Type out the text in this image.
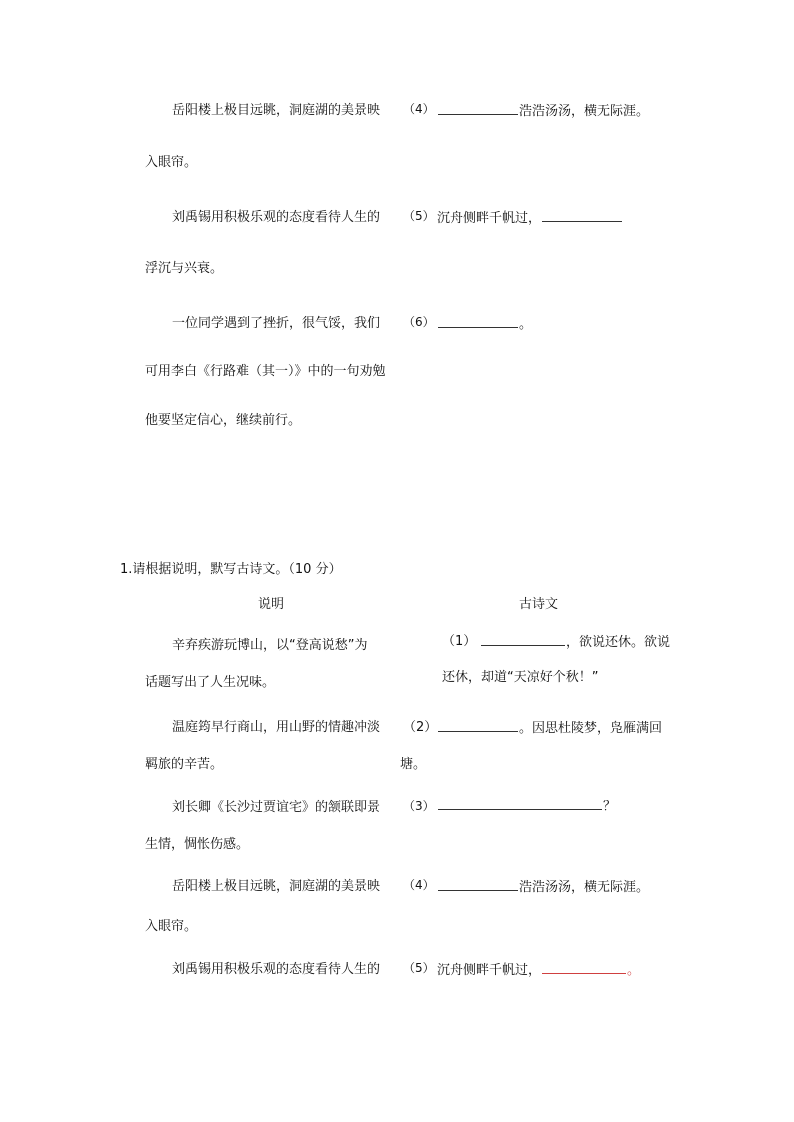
岳阳楼上极目远眺，洞庭湖的美景映 （4）	浩浩汤汤，横无际涯。
入眼帘。
刘禹锡用积极乐观的态度看待人生的 （5） 沉舟侧畔千帆过，
浮沉与兴衰。
一位同学遇到了挫折，很气馁，我们 （6）	。
可用李白《行路难（其一）》中的一句劝勉
他要坚定信心，继续前行。
1.请根据说明，默写古诗文。（10 分）
说明	古诗文
辛弃疾游玩博山，以“登高说愁”为	（1）	，欲说还休。欲说
话题写出了人生况味。	还休，却道“天凉好个秋！”
温庭筠早行商山，用山野的情趣冲淡 （2）	。因思杜陵梦，凫雁满回
羁旅的辛苦。	塘。
刘长卿《长沙过贾谊宅》的颔联即景 （3）	？
生情，惆怅伤感。
岳阳楼上极目远眺，洞庭湖的美景映 （4）	浩浩汤汤，横无际涯。
入眼帘。
刘禹锡用积极乐观的态度看待人生的 （5） 沉舟侧畔千帆过，	。
